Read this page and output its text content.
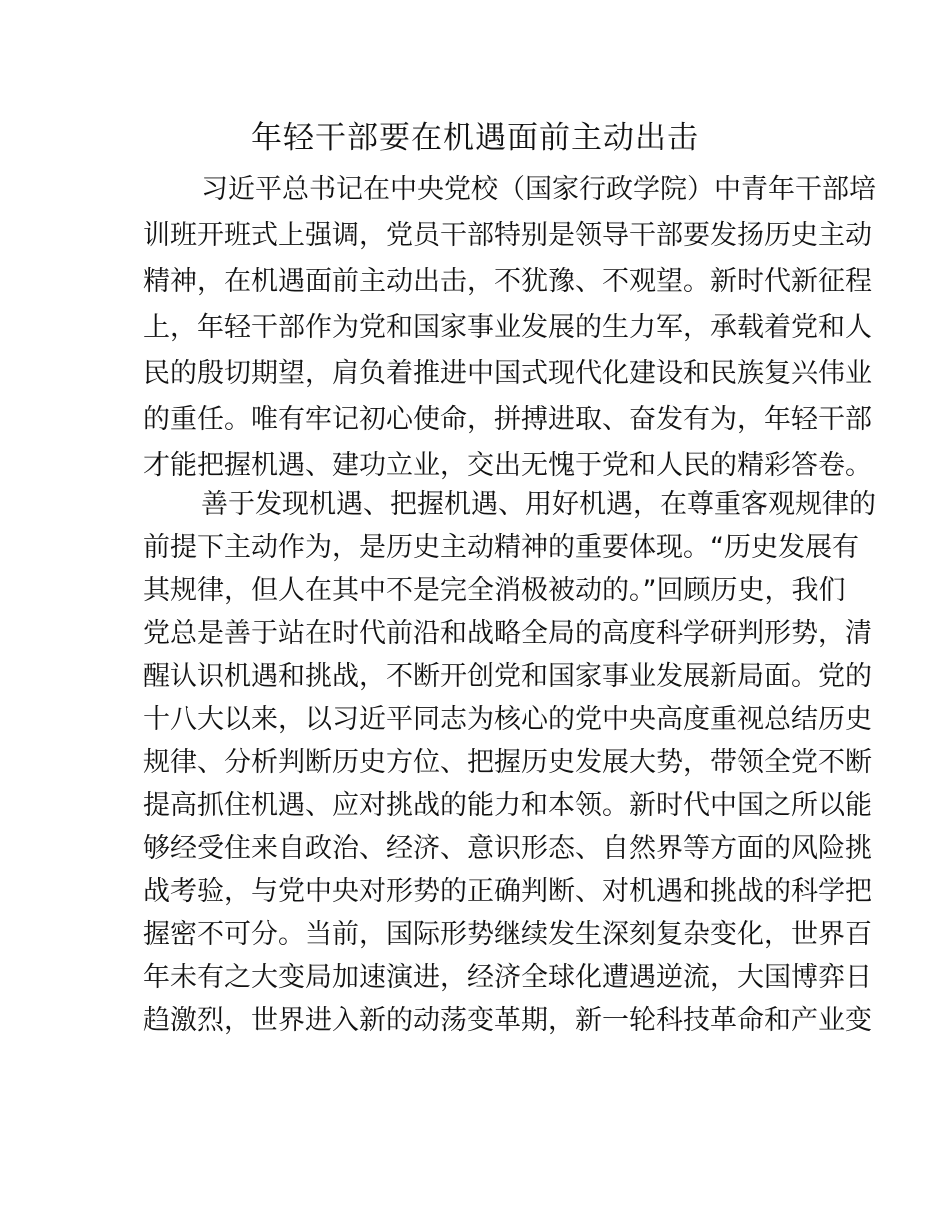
年轻干部要在机遇面前主动出击
习近平总书记在中央党校（国家行政学院）中青年干部培
训班开班式上强调，党员干部特别是领导干部要发扬历史主动
精神，在机遇面前主动出击，不犹豫、不观望。新时代新征程
上，年轻干部作为党和国家事业发展的生力军，承载着党和人
民的殷切期望，肩负着推进中国式现代化建设和民族复兴伟业
的重任。唯有牢记初心使命，拼搏进取、奋发有为，年轻干部
才能把握机遇、建功立业，交出无愧于党和人民的精彩答卷。
善于发现机遇、把握机遇、用好机遇，在尊重客观规律的
前提下主动作为，是历史主动精神的重要体现。“历史发展有
其规律，但人在其中不是完全消极被动的。”回顾历史，我们
党总是善于站在时代前沿和战略全局的高度科学研判形势，清
醒认识机遇和挑战，不断开创党和国家事业发展新局面。党的
十八大以来，以习近平同志为核心的党中央高度重视总结历史
规律、分析判断历史方位、把握历史发展大势，带领全党不断
提高抓住机遇、应对挑战的能力和本领。新时代中国之所以能
够经受住来自政治、经济、意识形态、自然界等方面的风险挑
战考验，与党中央对形势的正确判断、对机遇和挑战的科学把
握密不可分。当前，国际形势继续发生深刻复杂变化，世界百
年未有之大变局加速演进，经济全球化遭遇逆流，大国博弈日
趋激烈，世界进入新的动荡变革期，新一轮科技革命和产业变
